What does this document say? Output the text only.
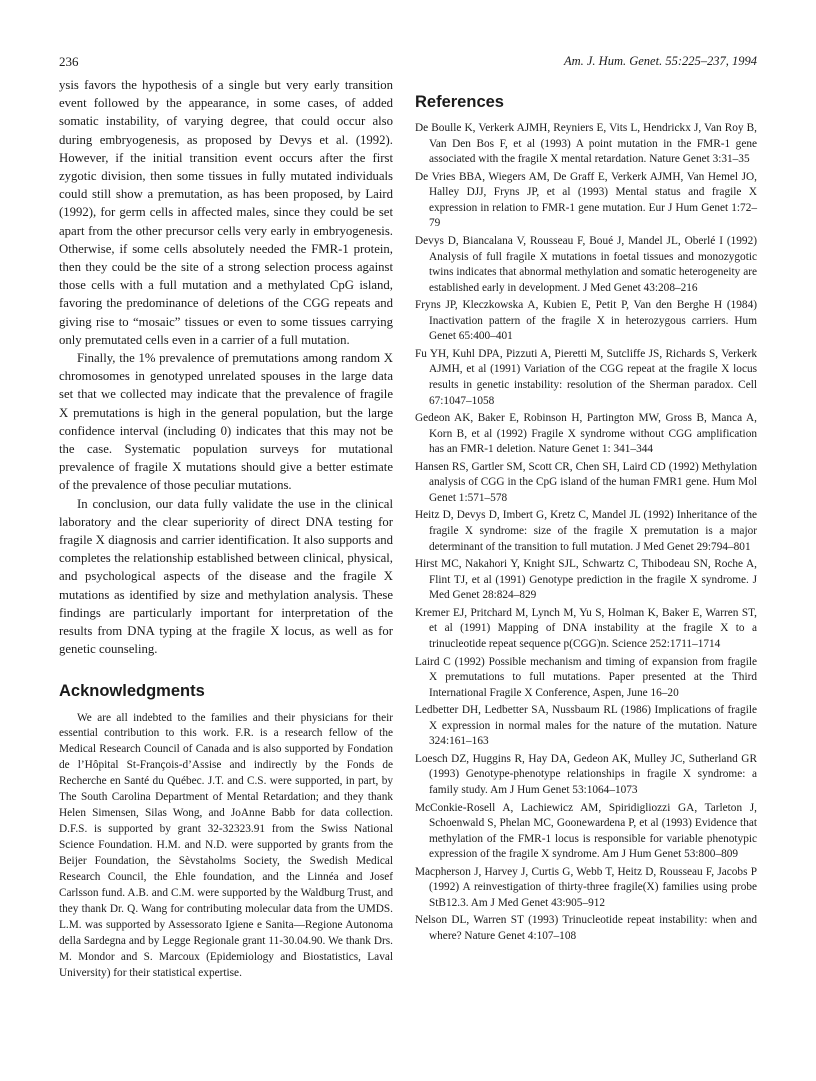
236	Am. J. Hum. Genet. 55:225–237, 1994

ysis favors the hypothesis of a single but very early transition event followed by the appearance, in some cases, of added somatic instability, of varying degree, that could occur also during embryogenesis, as proposed by Devys et al. (1992). However, if the initial transition event occurs after the first zygotic division, then some tissues in fully mutated individuals could still show a premutation, as has been proposed, by Laird (1992), for germ cells in affected males, since they could be set apart from the other precursor cells very early in embryogenesis. Otherwise, if some cells absolutely needed the FMR-1 protein, then they could be the site of a strong selection process against those cells with a full mutation and a methylated CpG island, favoring the predominance of deletions of the CGG repeats and giving rise to “mosaic” tissues or even to some tissues carrying only premutated cells even in a carrier of a full mutation.

Finally, the 1% prevalence of premutations among random X chromosomes in genotyped unrelated spouses in the large data set that we collected may indicate that the prevalence of fragile X premutations is high in the general population, but the large confidence interval (including 0) indicates that this may not be the case. Systematic population surveys for mutational prevalence of fragile X mutations should give a better estimate of the prevalence of those peculiar mutations.

In conclusion, our data fully validate the use in the clinical laboratory and the clear superiority of direct DNA testing for fragile X diagnosis and carrier identification. It also supports and completes the relationship established between clinical, physical, and psychological aspects of the disease and the fragile X mutations as identified by size and methylation analysis. These findings are particularly important for interpretation of the results from DNA typing at the fragile X locus, as well as for genetic counseling.

Acknowledgments

We are all indebted to the families and their physicians for their essential contribution to this work. F.R. is a research fellow of the Medical Research Council of Canada and is also supported by Fondation de l’Hôpital St-François-d’Assise and indirectly by the Fonds de Recherche en Santé du Québec. J.T. and C.S. were supported, in part, by The South Carolina Department of Mental Retardation; and they thank Helen Simensen, Silas Wong, and JoAnne Babb for data collection. D.F.S. is supported by grant 32-32323.91 from the Swiss National Science Foundation. H.M. and N.D. were supported by grants from the Beijer Foundation, the Sèvstaholms Society, the Swedish Medical Research Council, the Ehle foundation, and the Linnéa and Josef Carlsson fund. A.B. and C.M. were supported by the Waldburg Trust, and they thank Dr. Q. Wang for contributing molecular data from the UMDS. L.M. was supported by Assessorato Igiene e Sanita—Regione Autonoma della Sardegna and by Legge Regionale grant 11-30.04.90. We thank Drs. M. Mondor and S. Marcoux (Epidemiology and Biostatistics, Laval University) for their statistical expertise.

References
De Boulle K, Verkerk AJMH, Reyniers E, Vits L, Hendrickx J, Van Roy B, Van Den Bos F, et al (1993) A point mutation in the FMR-1 gene associated with the fragile X mental retardation. Nature Genet 3:31–35
De Vries BBA, Wiegers AM, De Graff E, Verkerk AJMH, Van Hemel JO, Halley DJJ, Fryns JP, et al (1993) Mental status and fragile X expression in relation to FMR-1 gene mutation. Eur J Hum Genet 1:72–79
Devys D, Biancalana V, Rousseau F, Boué J, Mandel JL, Oberlé I (1992) Analysis of full fragile X mutations in foetal tissues and monozygotic twins indicates that abnormal methylation and somatic heterogeneity are established early in development. J Med Genet 43:208–216
Fryns JP, Kleczkowska A, Kubien E, Petit P, Van den Berghe H (1984) Inactivation pattern of the fragile X in heterozygous carriers. Hum Genet 65:400–401
Fu YH, Kuhl DPA, Pizzuti A, Pieretti M, Sutcliffe JS, Richards S, Verkerk AJMH, et al (1991) Variation of the CGG repeat at the fragile X locus results in genetic instability: resolution of the Sherman paradox. Cell 67:1047–1058
Gedeon AK, Baker E, Robinson H, Partington MW, Gross B, Manca A, Korn B, et al (1992) Fragile X syndrome without CGG amplification has an FMR-1 deletion. Nature Genet 1: 341–344
Hansen RS, Gartler SM, Scott CR, Chen SH, Laird CD (1992) Methylation analysis of CGG in the CpG island of the human FMR1 gene. Hum Mol Genet 1:571–578
Heitz D, Devys D, Imbert G, Kretz C, Mandel JL (1992) Inheritance of the fragile X syndrome: size of the fragile X premutation is a major determinant of the transition to full mutation. J Med Genet 29:794–801
Hirst MC, Nakahori Y, Knight SJL, Schwartz C, Thibodeau SN, Roche A, Flint TJ, et al (1991) Genotype prediction in the fragile X syndrome. J Med Genet 28:824–829
Kremer EJ, Pritchard M, Lynch M, Yu S, Holman K, Baker E, Warren ST, et al (1991) Mapping of DNA instability at the fragile X to a trinucleotide repeat sequence p(CGG)n. Science 252:1711–1714
Laird C (1992) Possible mechanism and timing of expansion from fragile X premutations to full mutations. Paper presented at the Third International Fragile X Conference, Aspen, June 16–20
Ledbetter DH, Ledbetter SA, Nussbaum RL (1986) Implications of fragile X expression in normal males for the nature of the mutation. Nature 324:161–163
Loesch DZ, Huggins R, Hay DA, Gedeon AK, Mulley JC, Sutherland GR (1993) Genotype-phenotype relationships in fragile X syndrome: a family study. Am J Hum Genet 53:1064–1073
McConkie-Rosell A, Lachiewicz AM, Spiridigliozzi GA, Tarleton J, Schoenwald S, Phelan MC, Goonewardena P, et al (1993) Evidence that methylation of the FMR-1 locus is responsible for variable phenotypic expression of the fragile X syndrome. Am J Hum Genet 53:800–809
Macpherson J, Harvey J, Curtis G, Webb T, Heitz D, Rousseau F, Jacobs P (1992) A reinvestigation of thirty-three fragile(X) families using probe StB12.3. Am J Med Genet 43:905–912
Nelson DL, Warren ST (1993) Trinucleotide repeat instability: when and where? Nature Genet 4:107–108
